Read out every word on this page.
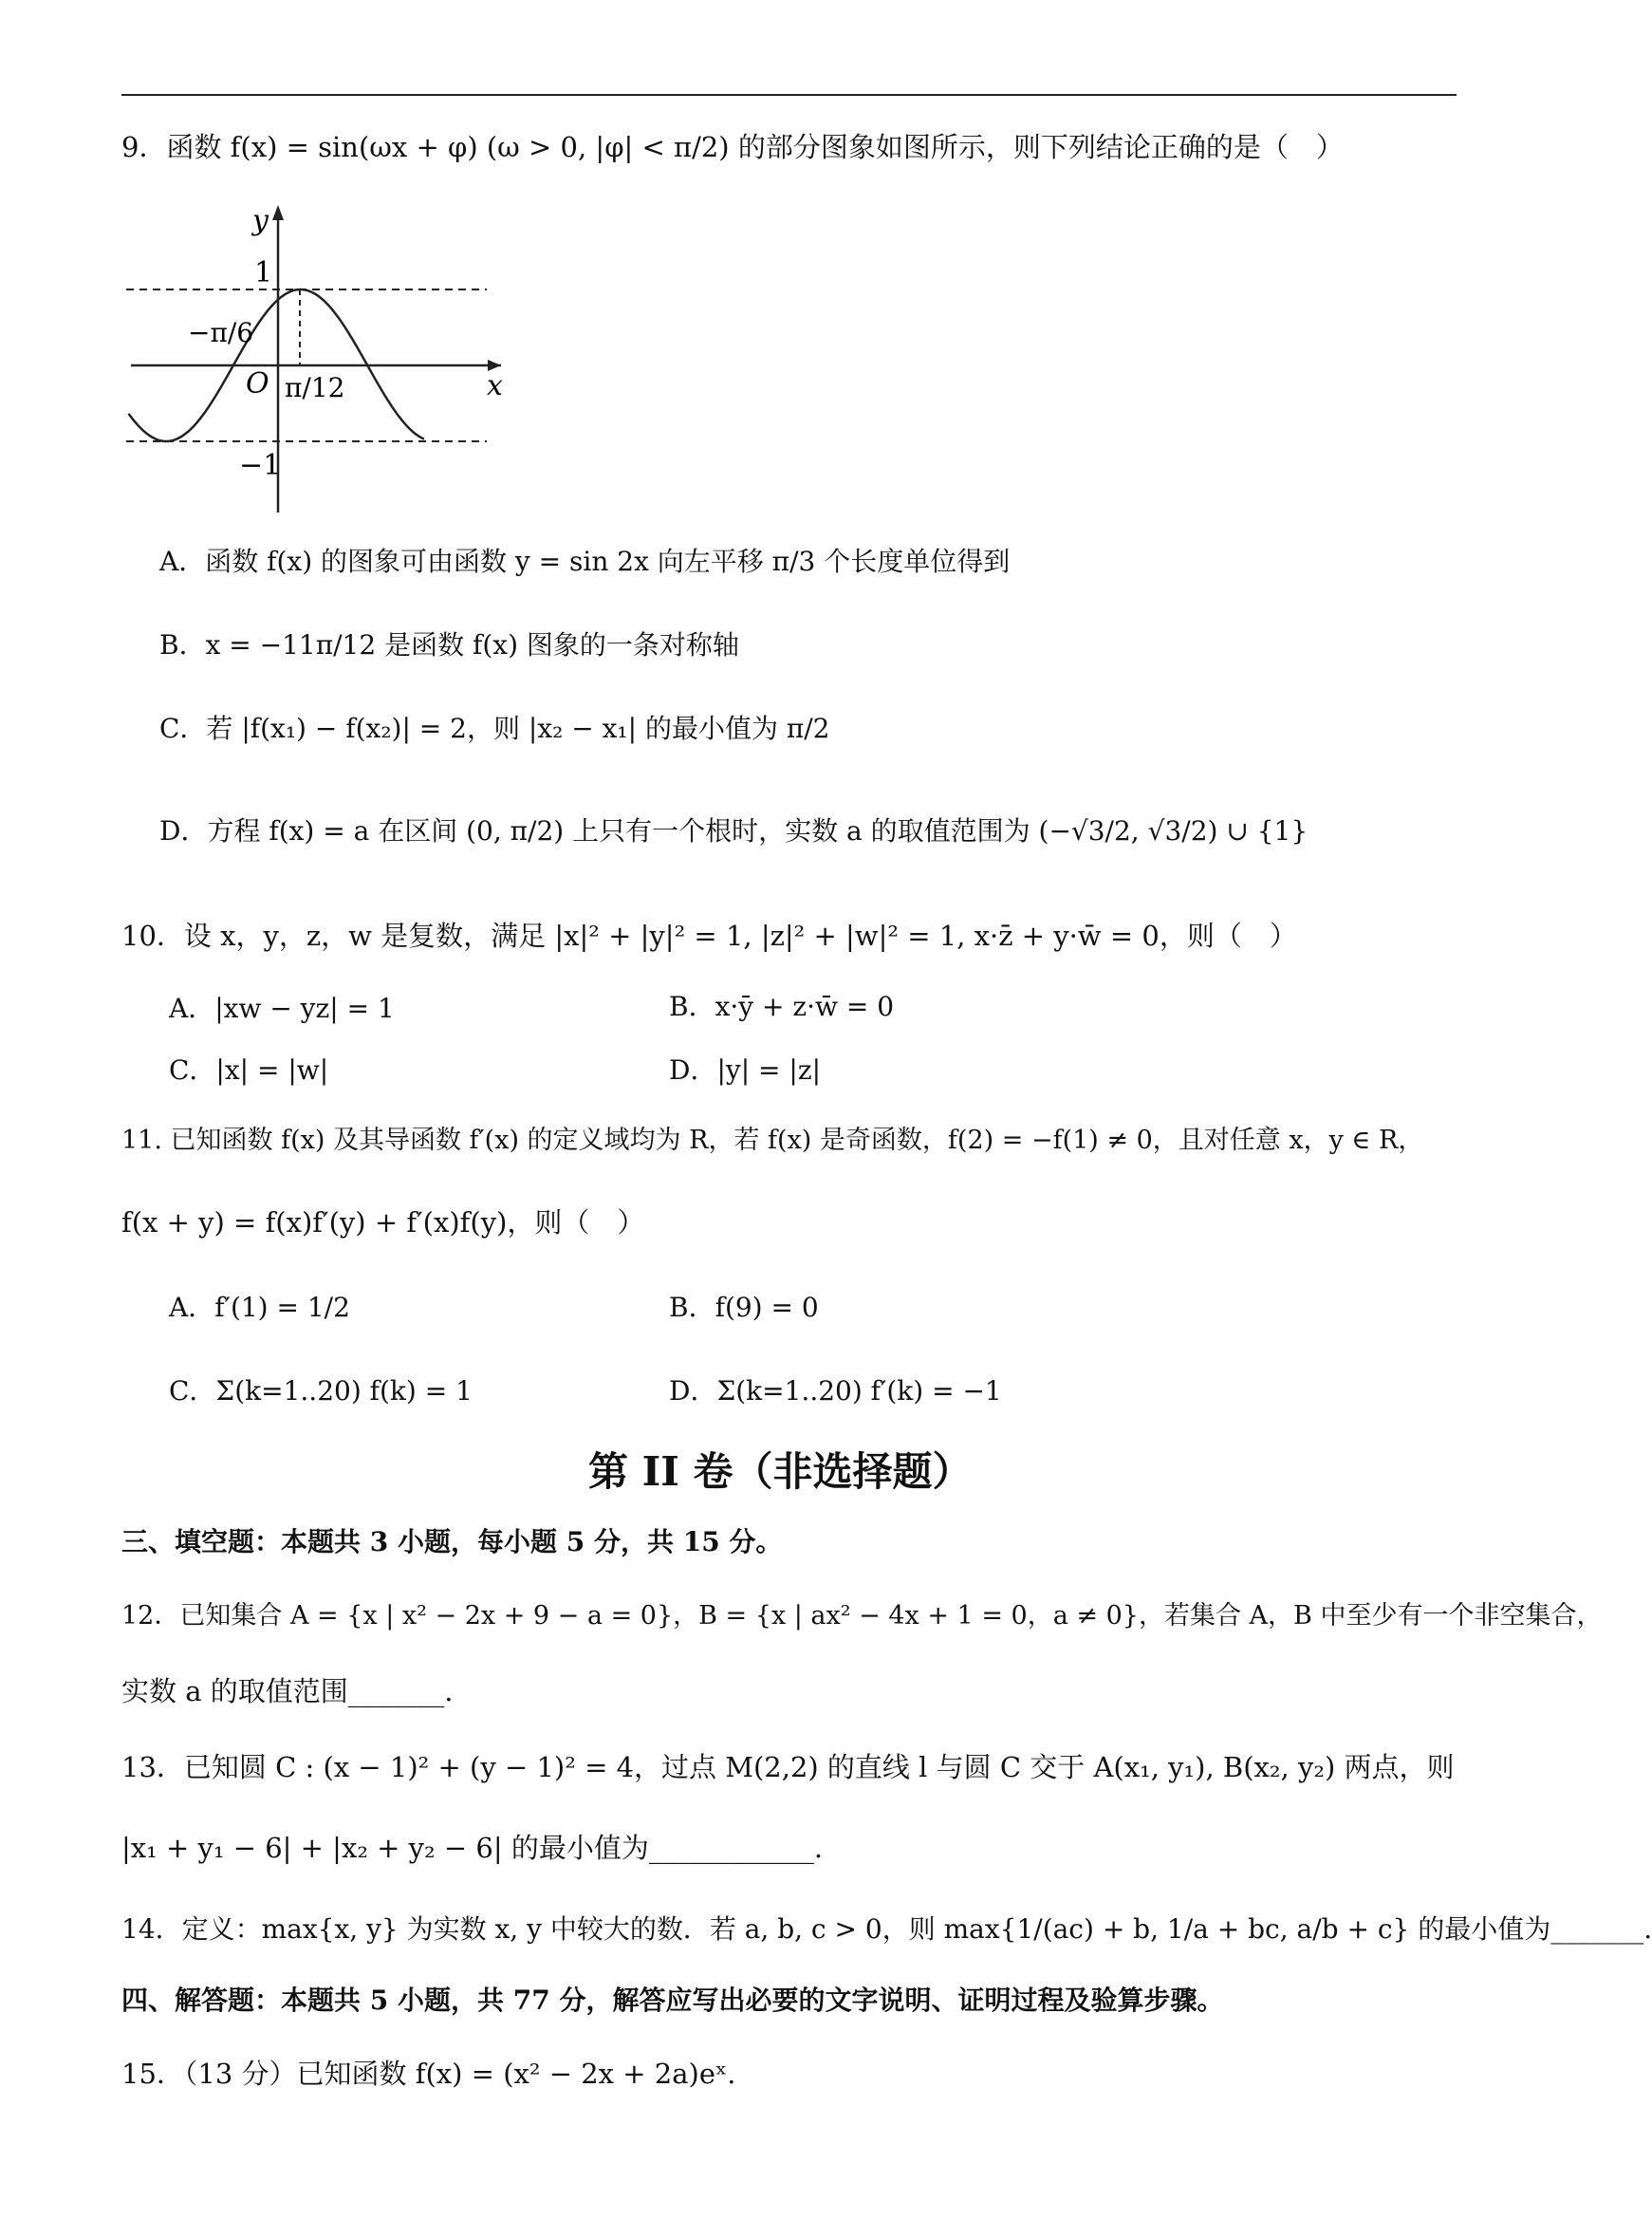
9．函数 f(x) = sin(ωx + φ) (ω > 0, |φ| < π/2) 的部分图象如图所示，则下列结论正确的是（　）
y
x
O
1
−1
−π/6
π/12
A．函数 f(x) 的图象可由函数 y = sin 2x 向左平移 π/3 个长度单位得到
B．x = −11π/12 是函数 f(x) 图象的一条对称轴
C．若 |f(x₁) − f(x₂)| = 2，则 |x₂ − x₁| 的最小值为 π/2
D．方程 f(x) = a 在区间 (0, π/2) 上只有一个根时，实数 a 的取值范围为 (−√3/2, √3/2) ∪ {1}
10．设 x，y，z，w 是复数，满足 |x|² + |y|² = 1, |z|² + |w|² = 1, x·z̄ + y·w̄ = 0，则（　）
A．|xw − yz| = 1	B．x·ȳ + z·w̄ = 0
C．|x| = |w|	D．|y| = |z|
11. 已知函数 f(x) 及其导函数 f′(x) 的定义域均为 R，若 f(x) 是奇函数，f(2) = −f(1) ≠ 0，且对任意 x，y ∈ R，
f(x + y) = f(x)f′(y) + f′(x)f(y)，则（　）
A．f′(1) = 1/2	B．f(9) = 0
C．Σ(k=1..20) f(k) = 1	D．Σ(k=1..20) f′(k) = −1
第 II 卷（非选择题）
三、填空题：本题共 3 小题，每小题 5 分，共 15 分。
12．已知集合 A = {x | x² − 2x + 9 − a = 0}，B = {x | ax² − 4x + 1 = 0，a ≠ 0}，若集合 A，B 中至少有一个非空集合，
实数 a 的取值范围_______.
13．已知圆 C : (x − 1)² + (y − 1)² = 4，过点 M(2,2) 的直线 l 与圆 C 交于 A(x₁, y₁), B(x₂, y₂) 两点，则
|x₁ + y₁ − 6| + |x₂ + y₂ − 6| 的最小值为____________.
14．定义：max{x, y} 为实数 x, y 中较大的数．若 a, b, c > 0，则 max{1/(ac) + b, 1/a + bc, a/b + c} 的最小值为_______.
四、解答题：本题共 5 小题，共 77 分，解答应写出必要的文字说明、证明过程及验算步骤。
15．（13 分）已知函数 f(x) = (x² − 2x + 2a)eˣ.
